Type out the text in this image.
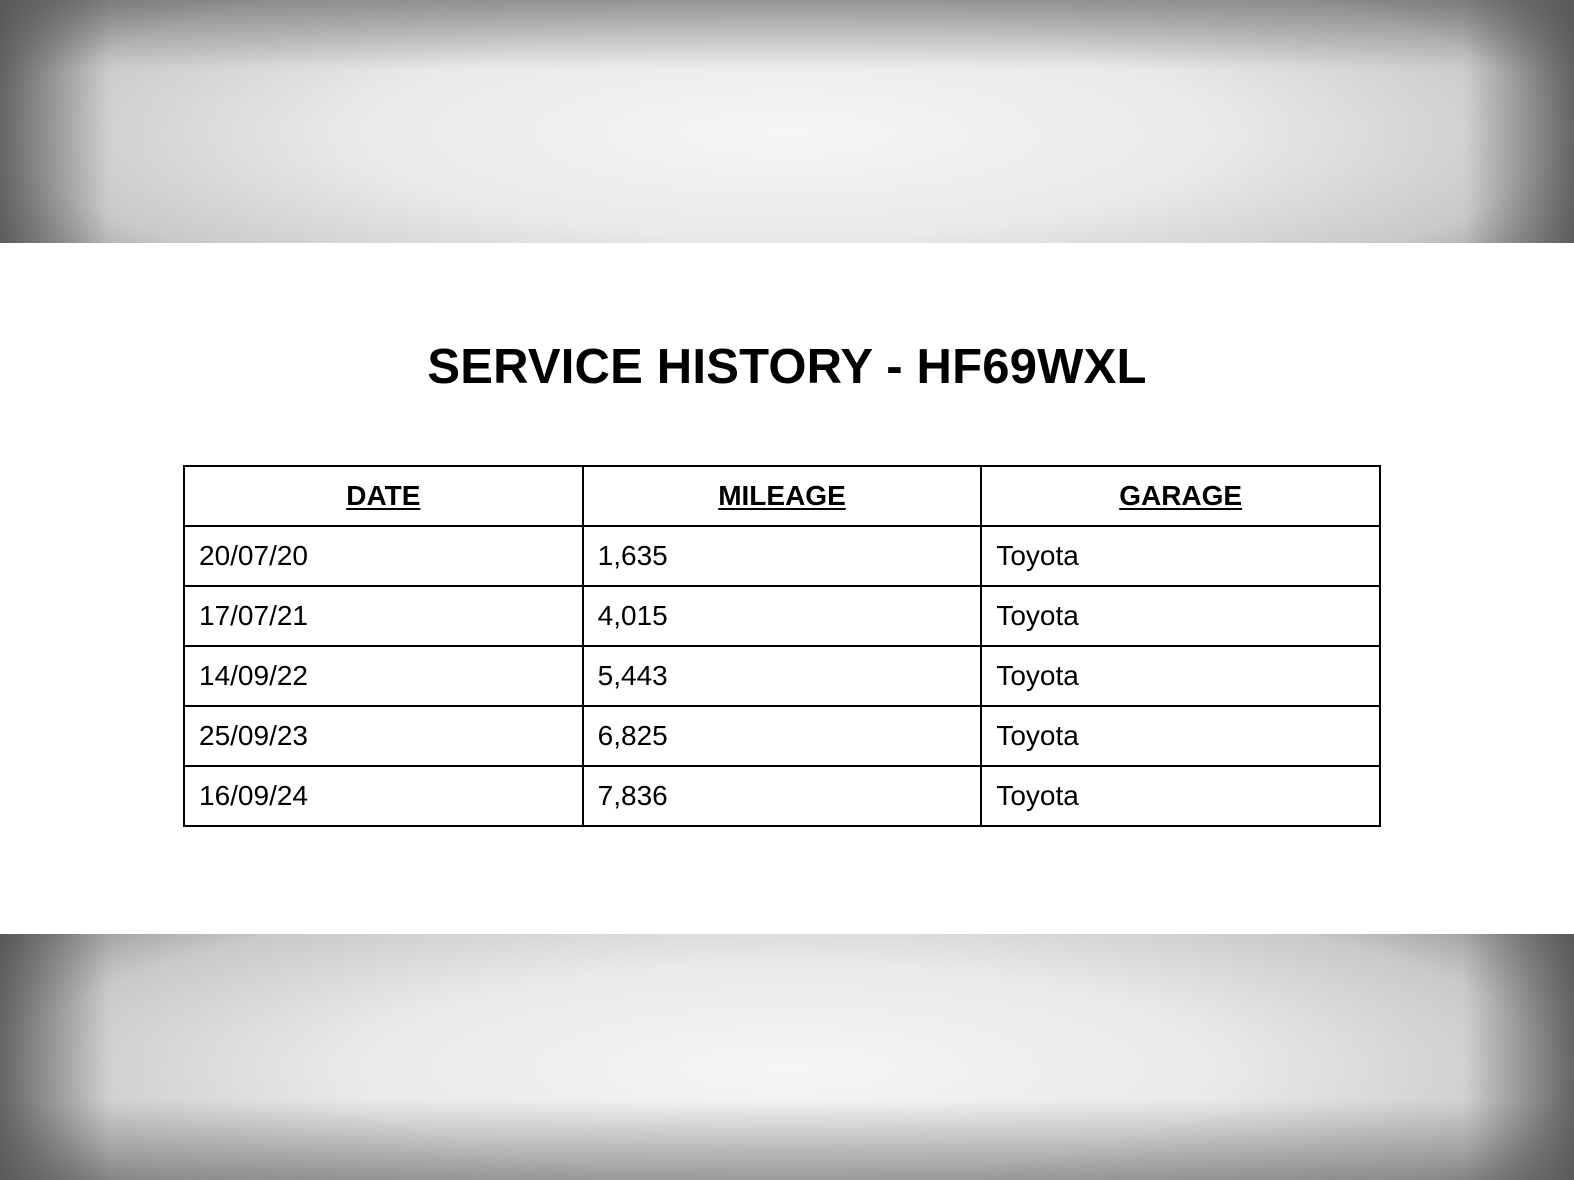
SERVICE HISTORY - HF69WXL
DATE	MILEAGE	GARAGE
20/07/20	1,635	Toyota
17/07/21	4,015	Toyota
14/09/22	5,443	Toyota
25/09/23	6,825	Toyota
16/09/24	7,836	Toyota
